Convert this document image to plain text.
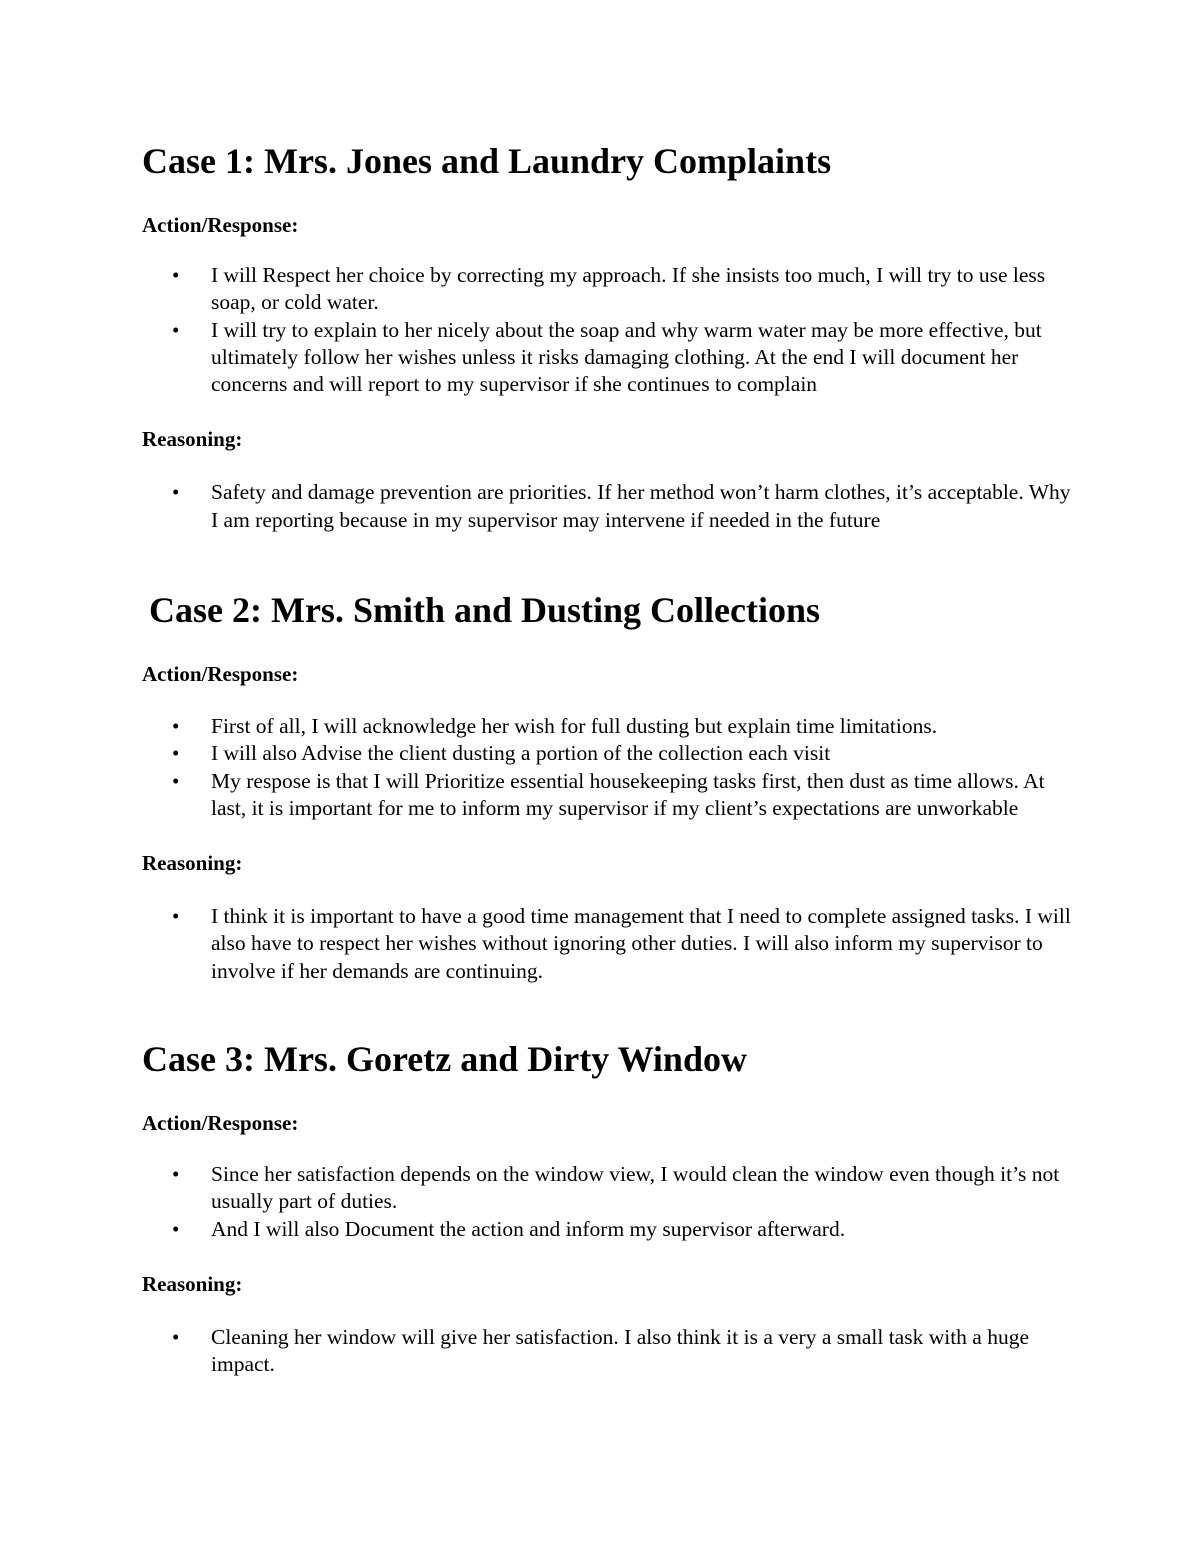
Case 1: Mrs. Jones and Laundry Complaints
Action/Response:
• I will Respect her choice by correcting my approach. If she insists too much, I will try to use less soap, or cold water.
• I will try to explain to her nicely about the soap and why warm water may be more effective, but ultimately follow her wishes unless it risks damaging clothing. At the end I will document her concerns and will report to my supervisor if she continues to complain
Reasoning:
• Safety and damage prevention are priorities. If her method won’t harm clothes, it’s acceptable. Why I am reporting because in my supervisor may intervene if needed in the future
Case 2: Mrs. Smith and Dusting Collections
Action/Response:
• First of all, I will acknowledge her wish for full dusting but explain time limitations.
• I will also Advise the client dusting a portion of the collection each visit
• My respose is that I will Prioritize essential housekeeping tasks first, then dust as time allows. At last, it is important for me to inform my supervisor if my client’s expectations are unworkable
Reasoning:
• I think it is important to have a good time management that I need to complete assigned tasks. I will also have to respect her wishes without ignoring other duties. I will also inform my supervisor to involve if her demands are continuing.
Case 3: Mrs. Goretz and Dirty Window
Action/Response:
• Since her satisfaction depends on the window view, I would clean the window even though it’s not usually part of duties.
• And I will also Document the action and inform my supervisor afterward.
Reasoning:
• Cleaning her window will give her satisfaction. I also think it is a very a small task with a huge impact.
